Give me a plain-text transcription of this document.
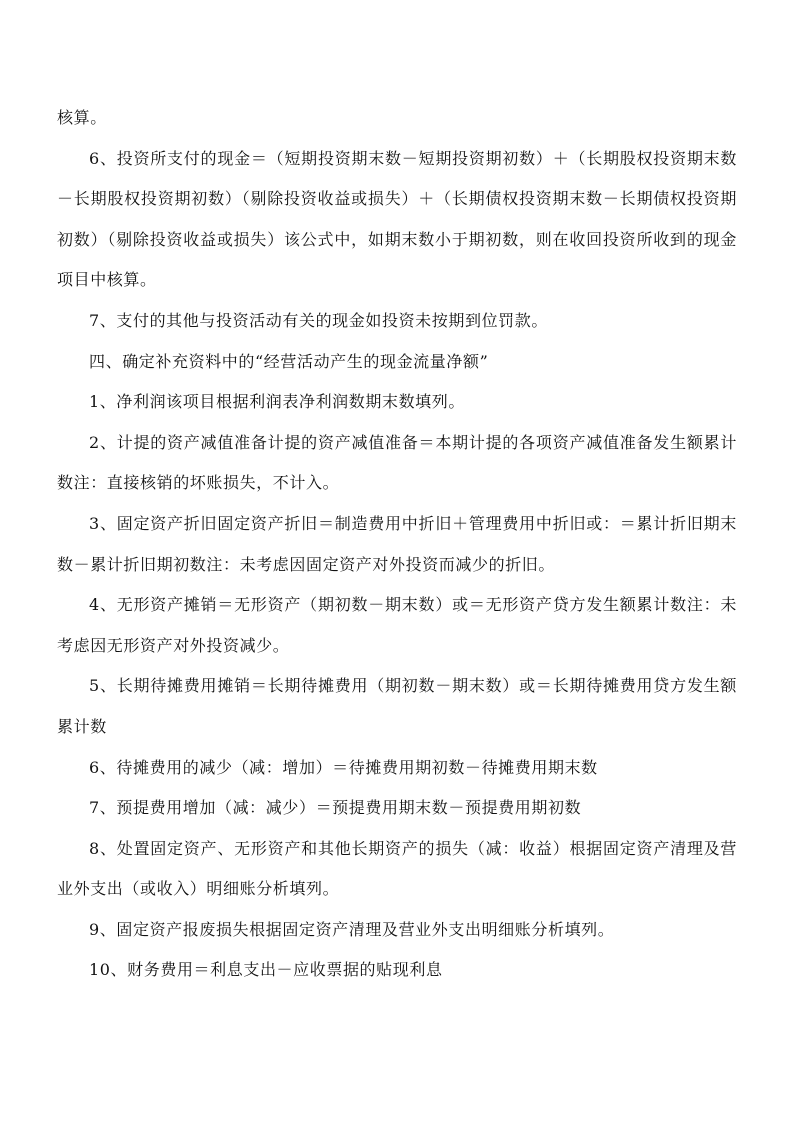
核算。

6、投资所支付的现金＝（短期投资期末数－短期投资期初数）＋（长期股权投资期末数－长期股权投资期初数）（剔除投资收益或损失）＋（长期债权投资期末数－长期债权投资期初数）（剔除投资收益或损失）该公式中，如期末数小于期初数，则在收回投资所收到的现金项目中核算。

7、支付的其他与投资活动有关的现金如投资未按期到位罚款。

四、确定补充资料中的“经营活动产生的现金流量净额”

1、净利润该项目根据利润表净利润数期末数填列。

2、计提的资产减值准备计提的资产减值准备＝本期计提的各项资产减值准备发生额累计数注：直接核销的坏账损失，不计入。

3、固定资产折旧固定资产折旧＝制造费用中折旧＋管理费用中折旧或：＝累计折旧期末数－累计折旧期初数注：未考虑因固定资产对外投资而减少的折旧。

4、无形资产摊销＝无形资产（期初数－期末数）或＝无形资产贷方发生额累计数注：未考虑因无形资产对外投资减少。

5、长期待摊费用摊销＝长期待摊费用（期初数－期末数）或＝长期待摊费用贷方发生额累计数

6、待摊费用的减少（减：增加）＝待摊费用期初数－待摊费用期末数

7、预提费用增加（减：减少）＝预提费用期末数－预提费用期初数

8、处置固定资产、无形资产和其他长期资产的损失（减：收益）根据固定资产清理及营业外支出（或收入）明细账分析填列。

9、固定资产报废损失根据固定资产清理及营业外支出明细账分析填列。

10、财务费用＝利息支出－应收票据的贴现利息
